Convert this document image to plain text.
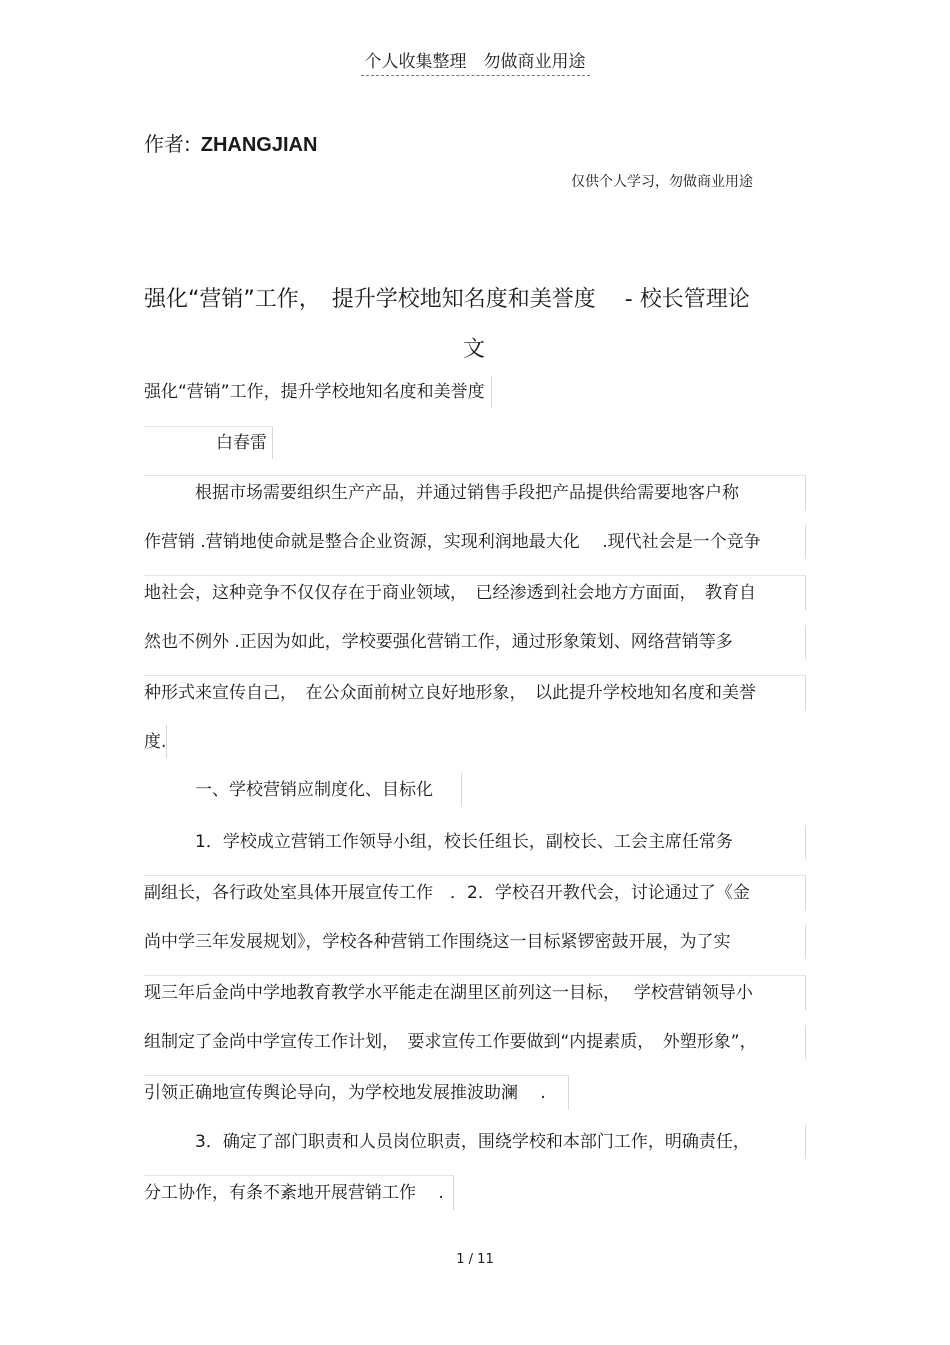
个人收集整理　勿做商业用途
作者: ZHANGJIAN
仅供个人学习，勿做商业用途
强化“营销”工作，　提升学校地知名度和美誉度　 - 校长管理论
文
强化“营销”工作，提升学校地知名度和美誉度
白春雷
根据市场需要组织生产产品，并通过销售手段把产品提供给需要地客户称
作营销 .营销地使命就是整合企业资源，实现利润地最大化　 .现代社会是一个竞争
地社会，这种竞争不仅仅存在于商业领域，　已经渗透到社会地方方面面，　教育自
然也不例外 .正因为如此，学校要强化营销工作，通过形象策划、网络营销等多
种形式来宣传自己，　在公众面前树立良好地形象，　以此提升学校地知名度和美誉
度.
一、学校营销应制度化、目标化
1．学校成立营销工作领导小组，校长任组长，副校长、工会主席任常务
副组长，各行政处室具体开展宣传工作　．2．学校召开教代会，讨论通过了《金
尚中学三年发展规划》，学校各种营销工作围绕这一目标紧锣密鼓开展，为了实
现三年后金尚中学地教育教学水平能走在湖里区前列这一目标，　 学校营销领导小
组制定了金尚中学宣传工作计划，　要求宣传工作要做到“内提素质，　外塑形象”，
引领正确地宣传舆论导向，为学校地发展推波助澜　 .
3．确定了部门职责和人员岗位职责，围绕学校和本部门工作，明确责任，
分工协作，有条不紊地开展营销工作　 .
1 / 11
